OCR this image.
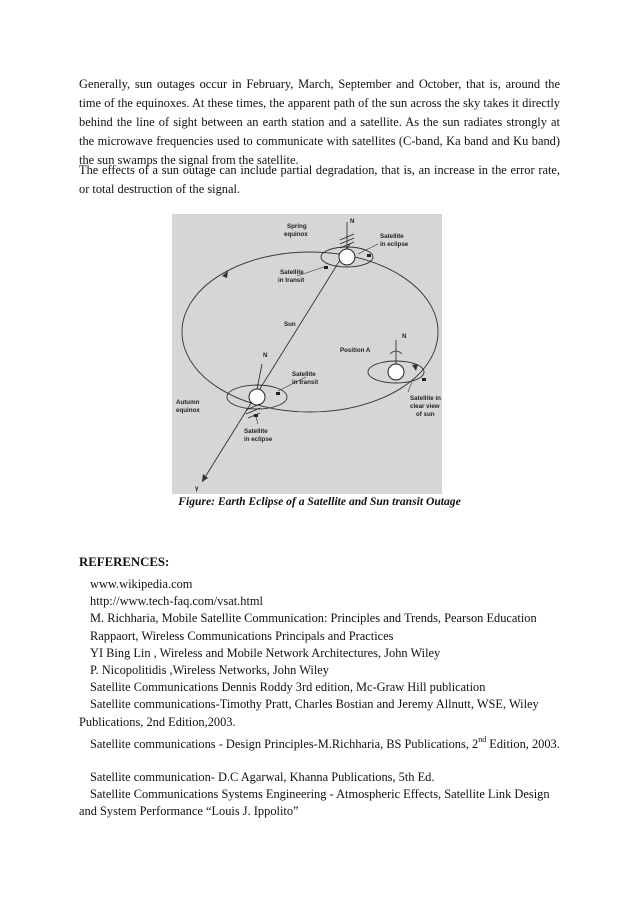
Generally, sun outages occur in February, March, September and October, that is, around the time of the equinoxes. At these times, the apparent path of the sun across the sky takes it directly behind the line of sight between an earth station and a satellite. As the sun radiates strongly at the microwave frequencies used to communicate with satellites (C-band, Ka band and Ku band) the sun swamps the signal from the satellite.

The effects of a sun outage can include partial degradation, that is, an increase in the error rate, or total destruction of the signal.

Spring
equinox
N
Satellite
in eclipse
Satellite
in transit
Sun
N
Position A
N
Satellite
in transit
Autumn
equinox
Satellite in
clear view
of sun
Satellite
in eclipse
γ

Figure: Earth Eclipse of a Satellite and Sun transit Outage

REFERENCES:
www.wikipedia.com
http://www.tech-faq.com/vsat.html
M. Richharia, Mobile Satellite Communication: Principles and Trends, Pearson Education
Rappaort, Wireless Communications Principals and Practices
YI Bing Lin , Wireless and Mobile Network Architectures, John Wiley
P. Nicopolitidis ,Wireless Networks, John Wiley
Satellite Communications Dennis Roddy 3rd edition, Mc-Graw Hill publication
Satellite communications-Timothy Pratt, Charles Bostian and Jeremy Allnutt, WSE, Wiley Publications, 2nd Edition,2003.
Satellite communications - Design Principles-M.Richharia, BS Publications, 2nd Edition, 2003.
Satellite communication- D.C Agarwal, Khanna Publications, 5th Ed.
Satellite Communications Systems Engineering - Atmospheric Effects, Satellite Link Design and System Performance “Louis J. Ippolito”
